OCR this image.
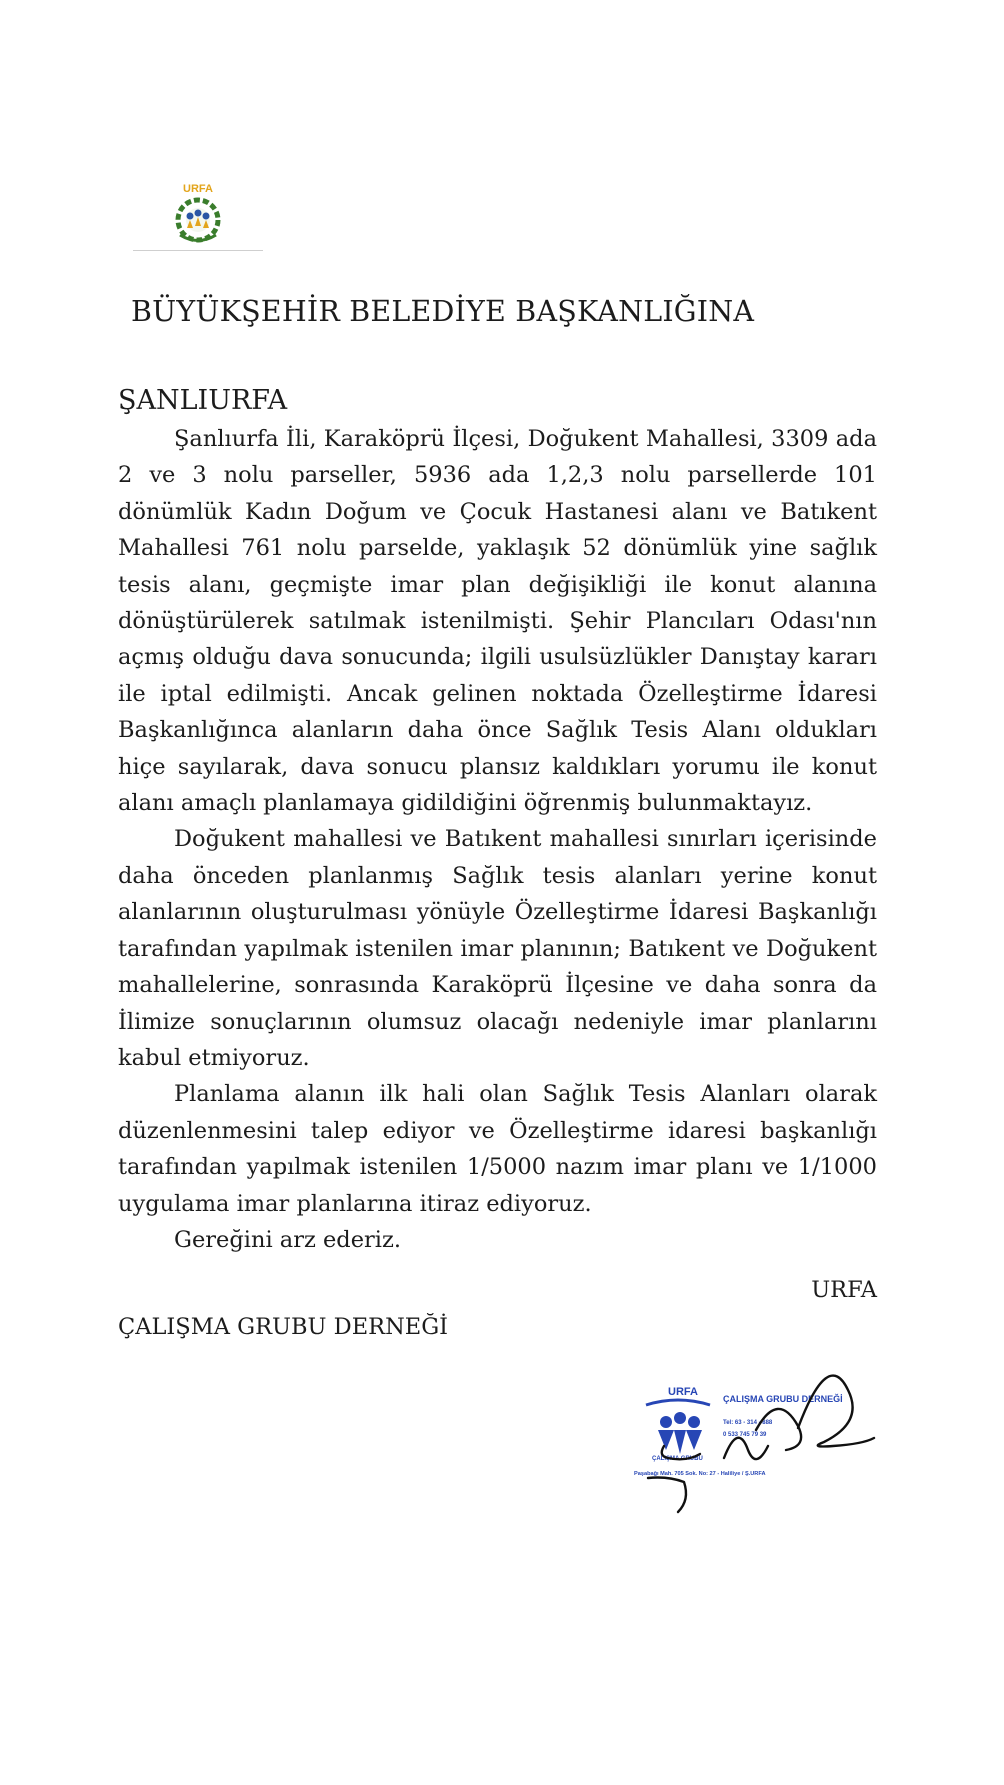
URFA
BÜYÜKŞEHİR BELEDİYE BAŞKANLIĞINA
ŞANLIURFA

Şanlıurfa İli, Karaköprü İlçesi, Doğukent Mahallesi, 3309 ada 2 ve 3 nolu parseller, 5936 ada 1,2,3 nolu parsellerde 101 dönümlük Kadın Doğum ve Çocuk Hastanesi alanı ve Batıkent Mahallesi 761 nolu parselde, yaklaşık 52 dönümlük yine sağlık tesis alanı, geçmişte imar plan değişikliği ile konut alanına dönüştürülerek satılmak istenilmişti. Şehir Plancıları Odası'nın açmış olduğu dava sonucunda; ilgili usulsüzlükler Danıştay kararı ile iptal edilmişti. Ancak gelinen noktada Özelleştirme İdaresi Başkanlığınca alanların daha önce Sağlık Tesis Alanı oldukları hiçe sayılarak, dava sonucu plansız kaldıkları yorumu ile konut alanı amaçlı planlamaya gidildiğini öğrenmiş bulunmaktayız.

Doğukent mahallesi ve Batıkent mahallesi sınırları içerisinde daha önceden planlanmış Sağlık tesis alanları yerine konut alanlarının oluşturulması yönüyle Özelleştirme İdaresi Başkanlığı tarafından yapılmak istenilen imar planının; Batıkent ve Doğukent mahallelerine, sonrasında Karaköprü İlçesine ve daha sonra da İlimize sonuçlarının olumsuz olacağı nedeniyle imar planlarını kabul etmiyoruz.

Planlama alanın ilk hali olan Sağlık Tesis Alanları olarak düzenlenmesini talep ediyor ve Özelleştirme idaresi başkanlığı tarafından yapılmak istenilen 1/5000 nazım imar planı ve 1/1000 uygulama imar planlarına itiraz ediyoruz.

Gereğini arz ederiz.

URFA
ÇALIŞMA GRUBU DERNEĞİ
URFA
ÇALIŞMA GRUBU
ÇALIŞMA GRUBU DERNEĞİ
Tel: 63 - 314 - 888
0 533 745 79 39
Paşabağı Mah. 705 Sok. No: 27 - Haliliye / Ş.URFA
